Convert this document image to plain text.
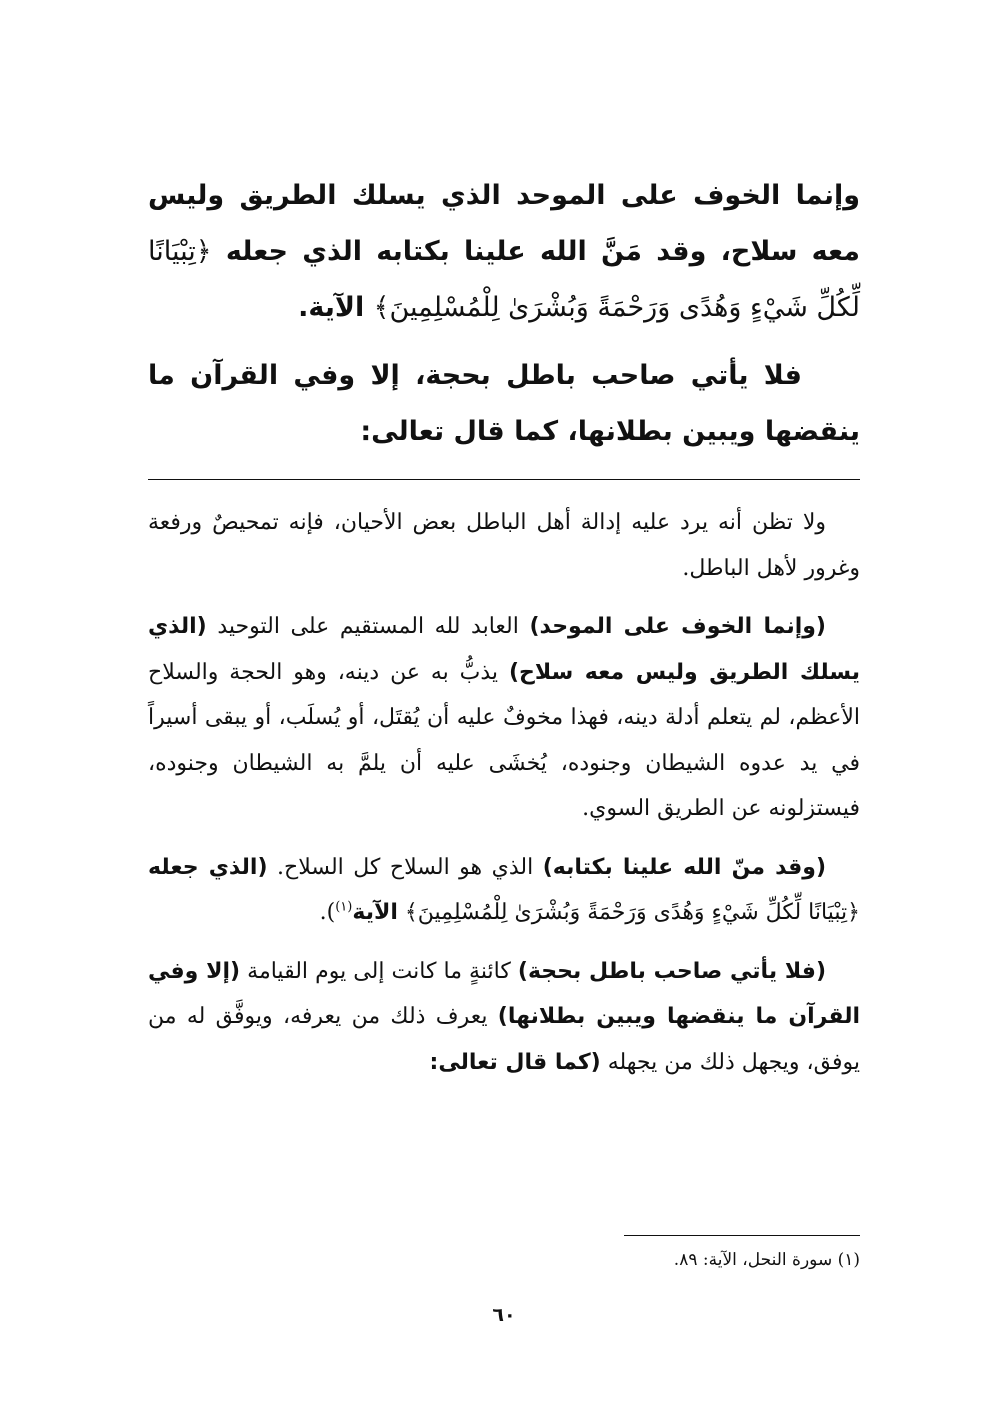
وإنما الخوف على الموحد الذي يسلك الطريق وليس معه سلاح، وقد مَنَّ الله علينا بكتابه الذي جعله ﴿تِبْيَانًا لِّكُلِّ شَيْءٍ وَهُدًى وَرَحْمَةً وَبُشْرَىٰ لِلْمُسْلِمِينَ﴾ الآية.

فلا يأتي صاحب باطل بحجة، إلا وفي القرآن ما ينقضها ويبين بطلانها، كما قال تعالى:

ولا تظن أنه يرد عليه إدالة أهل الباطل بعض الأحيان، فإنه تمحيصٌ ورفعة وغرور لأهل الباطل.

(وإنما الخوف على الموحد) العابد لله المستقيم على التوحيد (الذي يسلك الطريق وليس معه سلاح) يذبُّ به عن دينه، وهو الحجة والسلاح الأعظم، لم يتعلم أدلة دينه، فهذا مخوفٌ عليه أن يُقتَل، أو يُسلَب، أو يبقى أسيراً في يد عدوه الشيطان وجنوده، يُخشَى عليه أن يلمَّ به الشيطان وجنوده، فيستزلونه عن الطريق السوي.

(وقد منّ الله علينا بكتابه) الذي هو السلاح كل السلاح. (الذي جعله ﴿تِبْيَانًا لِّكُلِّ شَيْءٍ وَهُدًى وَرَحْمَةً وَبُشْرَىٰ لِلْمُسْلِمِينَ﴾ الآية$^{(١)}$).

(فلا يأتي صاحب باطل بحجة) كائنةٍ ما كانت إلى يوم القيامة (إلا وفي القرآن ما ينقضها ويبين بطلانها) يعرف ذلك من يعرفه، ويوفَّق له من يوفق، ويجهل ذلك من يجهله (كما قال تعالى:

(١) سورة النحل، الآية: ٨٩.
٦٠
